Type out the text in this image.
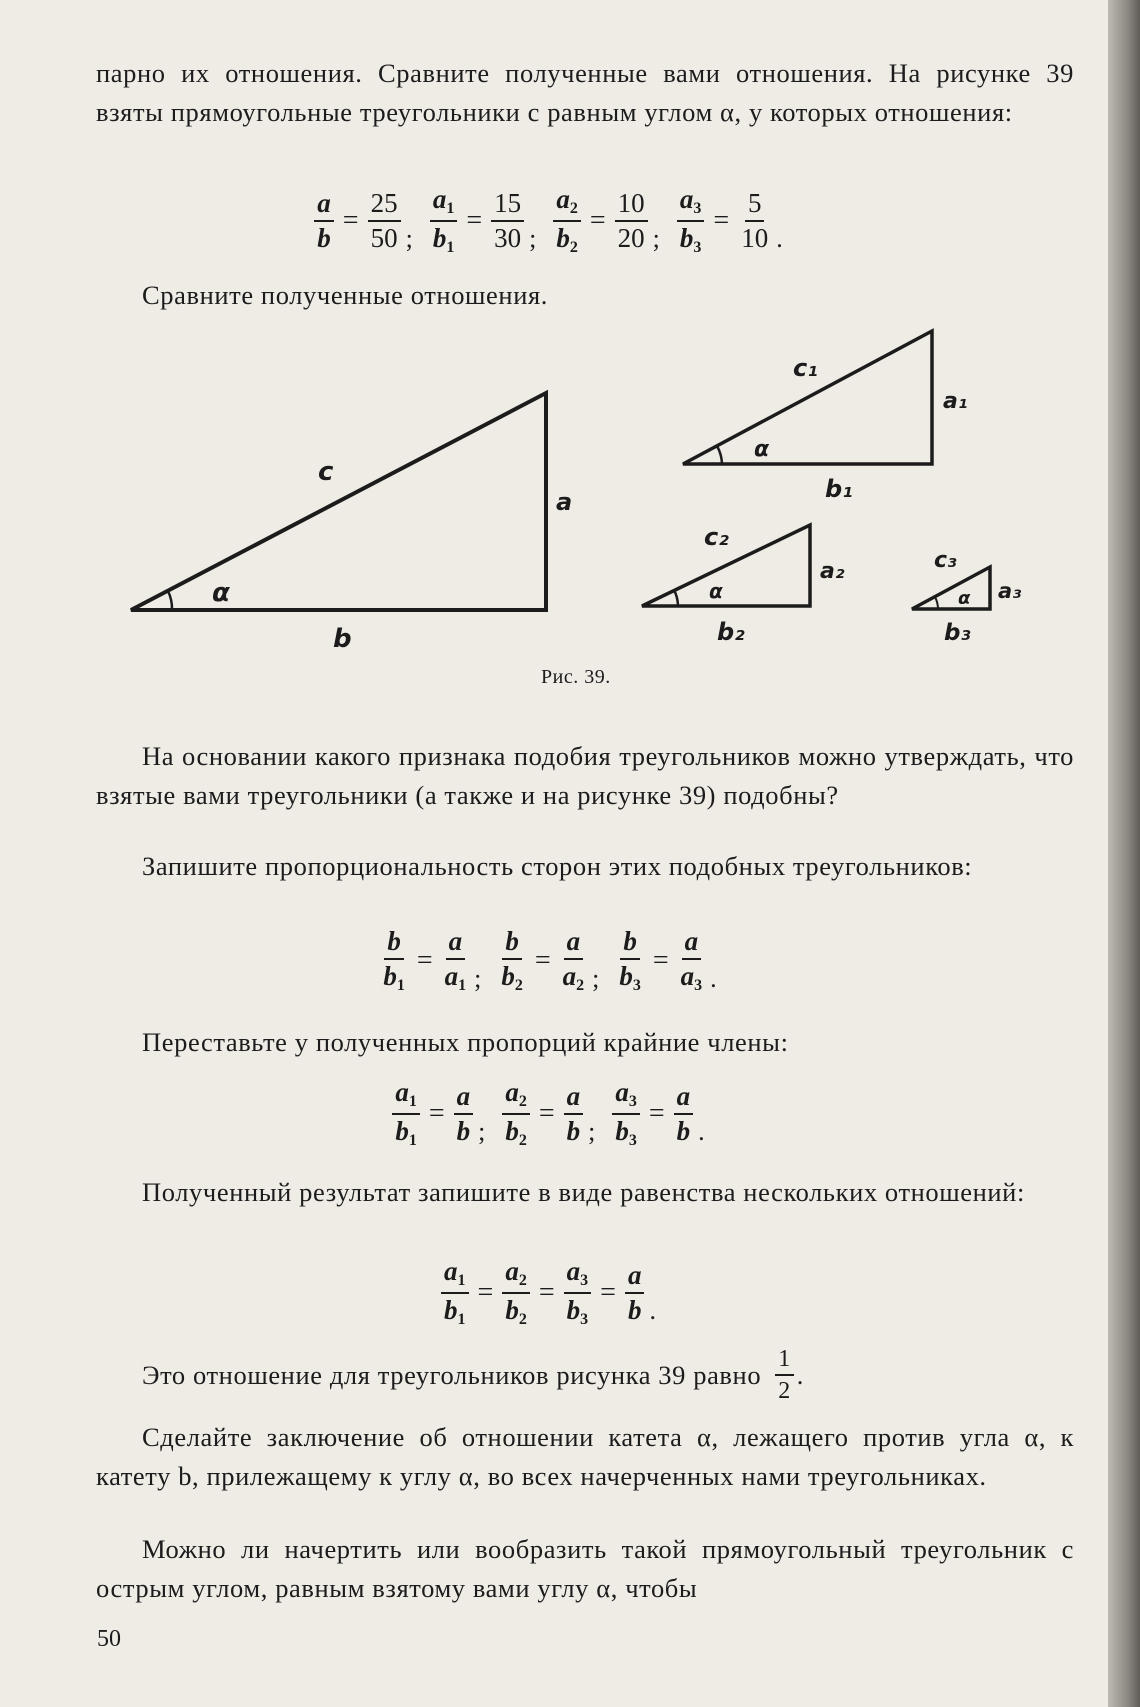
парно их отношения. Сравните полученные вами отношения. На рисунке 39 взяты прямоугольные треугольники с равным углом α, у которых отношения:

$\frac{a}{b} = \frac{25}{50}$ ; $\frac{a_1}{b_1} = \frac{15}{30}$ ; $\frac{a_2}{b_2} = \frac{10}{20}$ ; $\frac{a_3}{b_3} = \frac{5}{10}$ .

Сравните полученные отношения.

c
a
b
α
c₁
a₁
b₁
α
c₂
a₂
b₂
α
c₃
a₃
b₃
α
Рис. 39.

На основании какого признака подобия треугольников можно утверждать, что взятые вами треугольники (а также и на рисунке 39) подобны?

Запишите пропорциональность сторон этих подобных треугольников:

$\frac{b}{b_1} = \frac{a}{a_1}$ ; $\frac{b}{b_2} = \frac{a}{a_2}$ ; $\frac{b}{b_3} = \frac{a}{a_3}$ .

Переставьте у полученных пропорций крайние члены:

$\frac{a_1}{b_1} = \frac{a}{b}$ ; $\frac{a_2}{b_2} = \frac{a}{b}$ ; $\frac{a_3}{b_3} = \frac{a}{b}$ .

Полученный результат запишите в виде равенства нескольких отношений:

$\frac{a_1}{b_1} = \frac{a_2}{b_2} = \frac{a_3}{b_3} = \frac{a}{b}$ .
Это отношение для треугольников рисунка 39 равно $\frac{1}{2}$ .

Сделайте заключение об отношении катета α, лежащего против угла α, к катету b, прилежащему к углу α, во всех начерченных нами треугольниках.

Можно ли начертить или вообразить такой прямоугольный треугольник с острым углом, равным взятому вами углу α, чтобы

50
